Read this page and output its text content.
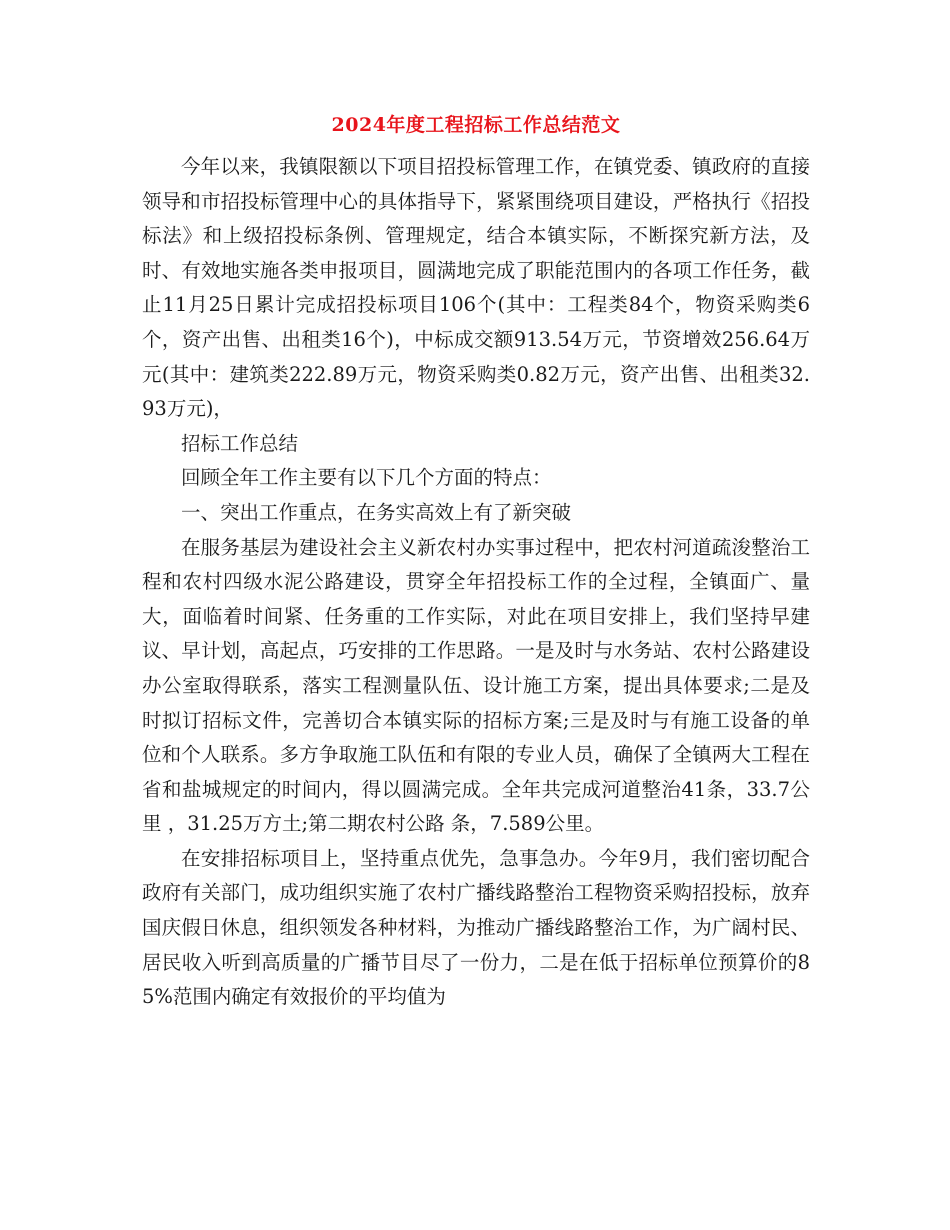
2024年度工程招标工作总结范文

今年以来，我镇限额以下项目招投标管理工作，在镇党委、镇政府的直接领导和市招投标管理中心的具体指导下，紧紧围绕项目建设，严格执行《招投标法》和上级招投标条例、管理规定，结合本镇实际，不断探究新方法，及时、有效地实施各类申报项目，圆满地完成了职能范围内的各项工作任务，截止11月25日累计完成招投标项目106个(其中：工程类84个，物资采购类6个，资产出售、出租类16个)，中标成交额913.54万元，节资增效256.64万元(其中：建筑类222.89万元，物资采购类0.82万元，资产出售、出租类32.93万元)，

招标工作总结

回顾全年工作主要有以下几个方面的特点：

一、突出工作重点，在务实高效上有了新突破

在服务基层为建设社会主义新农村办实事过程中，把农村河道疏浚整治工程和农村四级水泥公路建设，贯穿全年招投标工作的全过程，全镇面广、量大，面临着时间紧、任务重的工作实际，对此在项目安排上，我们坚持早建议、早计划，高起点，巧安排的工作思路。一是及时与水务站、农村公路建设办公室取得联系，落实工程测量队伍、设计施工方案，提出具体要求;二是及时拟订招标文件，完善切合本镇实际的招标方案;三是及时与有施工设备的单位和个人联系。多方争取施工队伍和有限的专业人员，确保了全镇两大工程在省和盐城规定的时间内，得以圆满完成。全年共完成河道整治41条，33.7公里 ，31.25万方土;第二期农村公路 条，7.589公里。

在安排招标项目上，坚持重点优先，急事急办。今年9月，我们密切配合政府有关部门，成功组织实施了农村广播线路整治工程物资采购招投标，放弃国庆假日休息，组织领发各种材料，为推动广播线路整治工作，为广阔村民、居民收入听到高质量的广播节目尽了一份力，二是在低于招标单位预算价的85%范围内确定有效报价的平均值为
